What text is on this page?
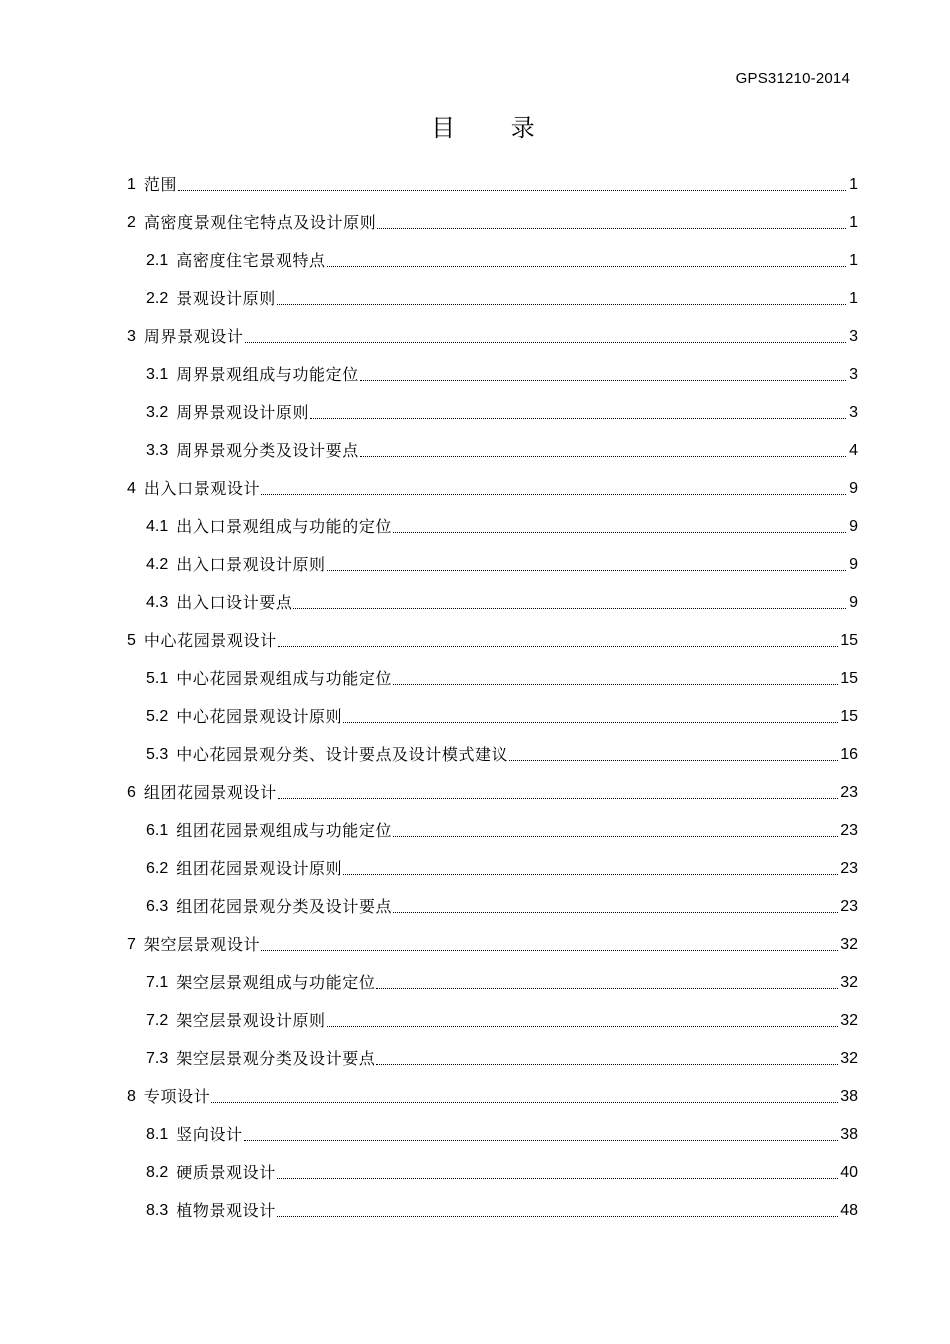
GPS31210-2014
目 录
1 范围	1
2 高密度景观住宅特点及设计原则	1
2.1 高密度住宅景观特点	1
2.2 景观设计原则	1
3 周界景观设计	3
3.1 周界景观组成与功能定位	3
3.2 周界景观设计原则	3
3.3 周界景观分类及设计要点	4
4 出入口景观设计	9
4.1 出入口景观组成与功能的定位	9
4.2 出入口景观设计原则	9
4.3 出入口设计要点	9
5 中心花园景观设计	15
5.1 中心花园景观组成与功能定位	15
5.2 中心花园景观设计原则	15
5.3 中心花园景观分类、设计要点及设计模式建议	16
6 组团花园景观设计	23
6.1 组团花园景观组成与功能定位	23
6.2 组团花园景观设计原则	23
6.3 组团花园景观分类及设计要点	23
7 架空层景观设计	32
7.1 架空层景观组成与功能定位	32
7.2 架空层景观设计原则	32
7.3 架空层景观分类及设计要点	32
8 专项设计	38
8.1 竖向设计	38
8.2 硬质景观设计	40
8.3 植物景观设计	48
